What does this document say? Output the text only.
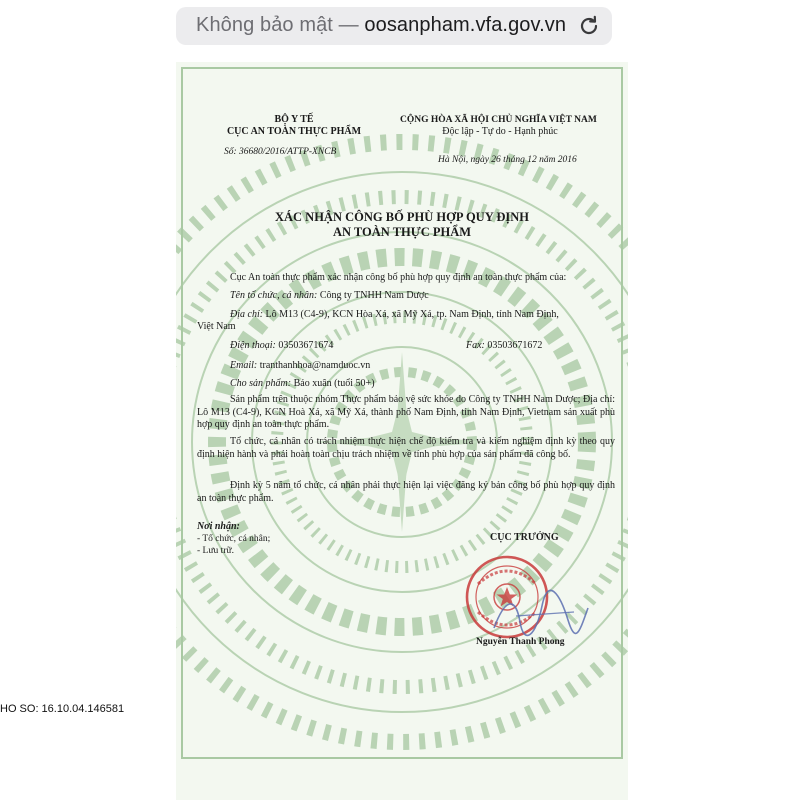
Không bảo mật — oosanpham.vfa.gov.vn
BỘ Y TẾ
CỤC AN TOÀN THỰC PHẨM
Số: 36680/2016/ATTP-XNCB
CỘNG HÒA XÃ HỘI CHỦ NGHĨA VIỆT NAM
Độc lập - Tự do - Hạnh phúc
Hà Nội, ngày 26 tháng 12 năm 2016
XÁC NHẬN CÔNG BỐ PHÙ HỢP QUY ĐỊNH
AN TOÀN THỰC PHẨM
Cục An toàn thực phẩm xác nhận công bố phù hợp quy định an toàn thực phẩm của:
Tên tổ chức, cá nhân: Công ty TNHH Nam Dược
Địa chỉ: Lô M13 (C4-9), KCN Hòa Xá, xã Mỹ Xá, tp. Nam Định, tỉnh Nam Định,
Việt Nam
Điện thoại: 03503671674	Fax: 03503671672
Email: tranthanhhoa@namduoc.vn
Cho sản phẩm: Bảo xuân (tuổi 50+)
Sản phẩm trên thuộc nhóm Thực phẩm bảo vệ sức khỏe do Công ty TNHH Nam Dược; Địa chỉ: Lô M13 (C4-9), KCN Hoà Xá, xã Mỹ Xá, thành phố Nam Định, tỉnh Nam Định, Vietnam sản xuất phù hợp quy định an toàn thực phẩm.
Tổ chức, cá nhân có trách nhiệm thực hiện chế độ kiểm tra và kiểm nghiệm định kỳ theo quy định hiện hành và phải hoàn toàn chịu trách nhiệm về tính phù hợp của sản phẩm đã công bố.
Định kỳ 5 năm tổ chức, cá nhân phải thực hiện lại việc đăng ký bản công bố phù hợp quy định an toàn thực phẩm.
Nơi nhận:
- Tổ chức, cá nhân;
- Lưu trữ.
CỤC TRƯỞNG
Nguyễn Thanh Phong
HO SO: 16.10.04.146581
